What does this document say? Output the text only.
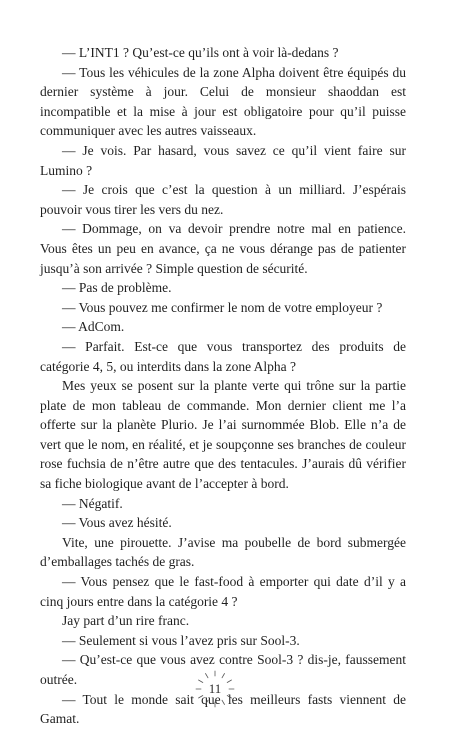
— L’INT1 ? Qu’est-ce qu’ils ont à voir là-dedans ?

— Tous les véhicules de la zone Alpha doivent être équipés du dernier système à jour. Celui de monsieur shaoddan est incompatible et la mise à jour est obligatoire pour qu’il puisse communiquer avec les autres vaisseaux.

— Je vois. Par hasard, vous savez ce qu’il vient faire sur Lumino ?

— Je crois que c’est la question à un milliard. J’espérais pouvoir vous tirer les vers du nez.

— Dommage, on va devoir prendre notre mal en patience. Vous êtes un peu en avance, ça ne vous dérange pas de patienter jusqu’à son arrivée ? Simple question de sécurité.

— Pas de problème.

— Vous pouvez me confirmer le nom de votre employeur ?

— AdCom.

— Parfait. Est-ce que vous transportez des produits de catégorie 4, 5, ou interdits dans la zone Alpha ?

Mes yeux se posent sur la plante verte qui trône sur la partie plate de mon tableau de commande. Mon dernier client me l’a offerte sur la planète Plurio. Je l’ai surnommée Blob. Elle n’a de vert que le nom, en réalité, et je soupçonne ses branches de couleur rose fuchsia de n’être autre que des tentacules. J’aurais dû vérifier sa fiche biologique avant de l’accepter à bord.

— Négatif.

— Vous avez hésité.

Vite, une pirouette. J’avise ma poubelle de bord submergée d’emballages tachés de gras.

— Vous pensez que le fast-food à emporter qui date d’il y a cinq jours entre dans la catégorie 4 ?

Jay part d’un rire franc.

— Seulement si vous l’avez pris sur Sool-3.

— Qu’est-ce que vous avez contre Sool-3 ? dis-je, faussement outrée.

— Tout le monde sait que les meilleurs fasts viennent de Gamat.

11
